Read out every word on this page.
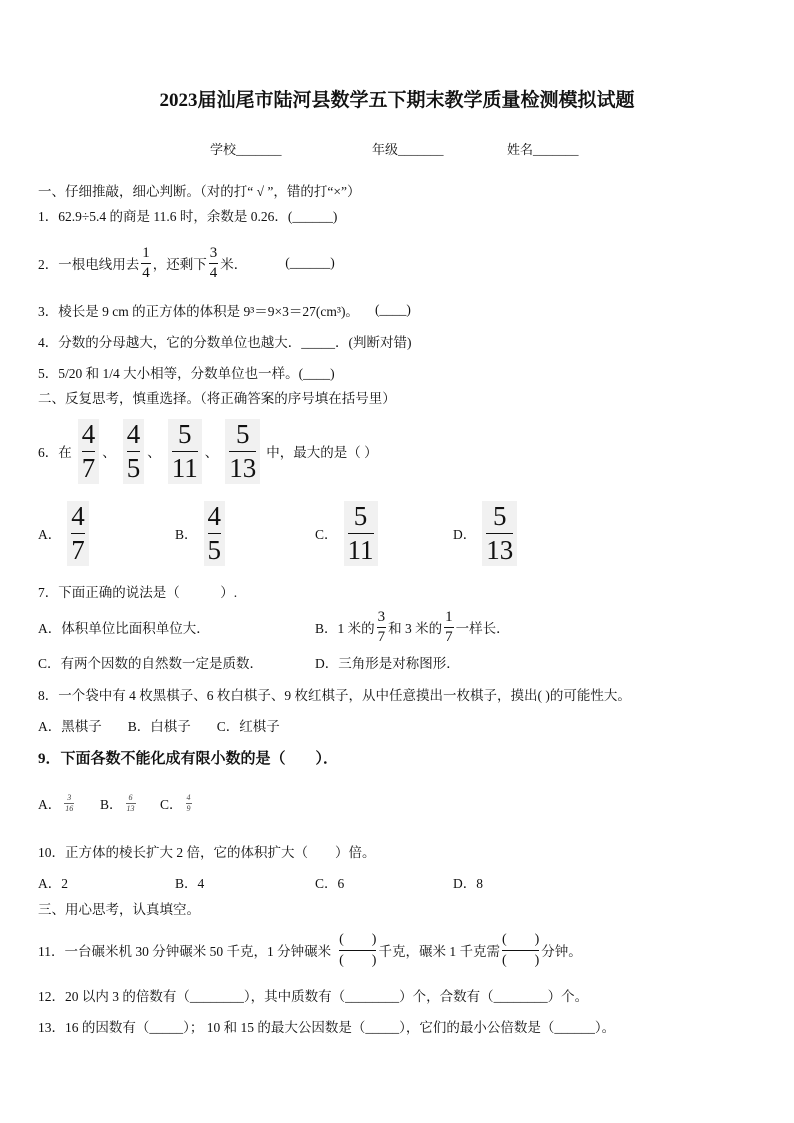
2023届汕尾市陆河县数学五下期末教学质量检测模拟试题
学校_______	年级_______	姓名_______
一、仔细推敲，细心判断。（对的打“ √ ”，错的打“×”）
1．62.9÷5.4 的商是 11.6 时，余数是 0.26．(______)
2．一根电线用去 $\frac{1}{4}$ ，还剩下 $\frac{3}{4}$ 米．	(______)
3．棱长是 9 cm 的正方体的体积是 9³＝9×3＝27(cm³)。 (____)
4．分数的分母越大，它的分数单位也越大．_____．(判断对错)
5．5/20 和 1/4 大小相等，分数单位也一样。(____)
二、反复思考，慎重选择。（将正确答案的序号填在括号里）
6．在 $\frac{4}{7}$ 、 $\frac{4}{5}$ 、 $\frac{5}{11}$ 、 $\frac{5}{13}$ 中，最大的是（ ）
A． $\frac{4}{7}$	B． $\frac{4}{5}$	C． $\frac{5}{11}$	D． $\frac{5}{13}$
7．下面正确的说法是（　　　）.
A．体积单位比面积单位大．	B．1 米的 $\frac{3}{7}$ 和 3 米的 $\frac{1}{7}$ 一样长．
C．有两个因数的自然数一定是质数．	D．三角形是对称图形．
8．一个袋中有 4 枚黑棋子、6 枚白棋子、9 枚红棋子，从中任意摸出一枚棋子，摸出( )的可能性大。
A．黑棋子 B．白棋子 C．红棋子
9．下面各数不能化成有限小数的是（　　）．
A． $\frac{3}{16}$ B． $\frac{6}{13}$ C． $\frac{4}{9}$
10．正方体的棱长扩大 2 倍，它的体积扩大（　　）倍。
A．2	B．4	C．6	D．8
三、用心思考，认真填空。
11．一台碾米机 30 分钟碾米 50 千克，1 分钟碾米 $\frac{( )}{( )}$ 千克，碾米 1 千克需 $\frac{( )}{( )}$ 分钟。
12．20 以内 3 的倍数有（________），其中质数有（________）个，合数有（________）个。
13．16 的因数有（_____）； 10 和 15 的最大公因数是（_____），它们的最小公倍数是（______）。
